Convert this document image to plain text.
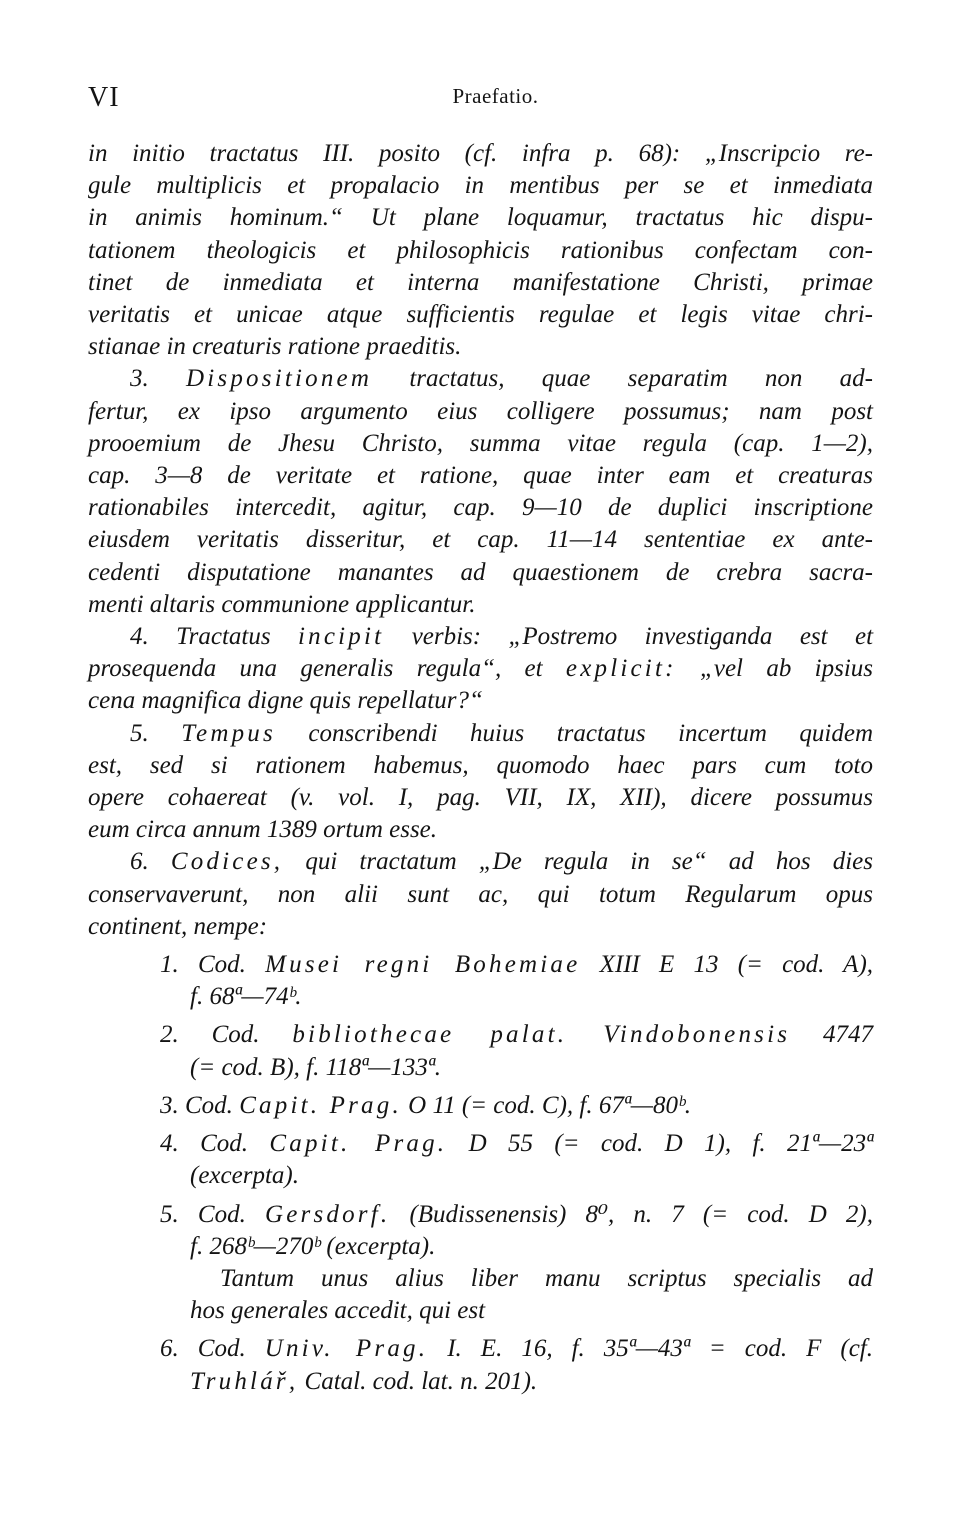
VI	Praefatio.
in initio tractatus III. posito (cf. infra p. 68): „Inscripcio re-
gule multiplicis et propalacio in mentibus per se et inmediata
in animis hominum.“ Ut plane loquamur, tractatus hic dispu-
tationem theologicis et philosophicis rationibus confectam con-
tinet de inmediata et interna manifestatione Christi, primae
veritatis et unicae atque sufficientis regulae et legis vitae chri-
stianae in creaturis ratione praeditis.
3. Dispositionem tractatus, quae separatim non ad-
fertur, ex ipso argumento eius colligere possumus; nam post
prooemium de Jhesu Christo, summa vitae regula (cap. 1—2),
cap. 3—8 de veritate et ratione, quae inter eam et creaturas
rationabiles intercedit, agitur, cap. 9—10 de duplici inscriptione
eiusdem veritatis disseritur, et cap. 11—14 sententiae ex ante-
cedenti disputatione manantes ad quaestionem de crebra sacra-
menti altaris communione applicantur.
4. Tractatus incipit verbis: „Postremo investiganda est et
prosequenda una generalis regula“, et explicit: „vel ab ipsius
cena magnifica digne quis repellatur?“
5. Tempus conscribendi huius tractatus incertum quidem
est, sed si rationem habemus, quomodo haec pars cum toto
opere cohaereat (v. vol. I, pag. VII, IX, XII), dicere possumus
eum circa annum 1389 ortum esse.
6. Codices, qui tractatum „De regula in se“ ad hos dies
conservaverunt, non alii sunt ac, qui totum Regularum opus
continent, nempe:
1. Cod. Musei regni Bohemiae XIII E 13 (= cod. A),
f. 68ª—74ᵇ.
2. Cod. bibliothecae palat. Vindobonensis 4747
(= cod. B), f. 118ª—133ª.
3. Cod. Capit. Prag. O 11 (= cod. C), f. 67ª—80ᵇ.
4. Cod. Capit. Prag. D 55 (= cod. D 1), f. 21ª—23ª
(excerpta).
5. Cod. Gersdorf. (Budissenensis) 8⁰, n. 7 (= cod. D 2),
f. 268ᵇ—270ᵇ (excerpta).
Tantum unus alius liber manu scriptus specialis ad
hos generales accedit, qui est
6. Cod. Univ. Prag. I. E. 16, f. 35ª—43ª = cod. F (cf.
Truhlář, Catal. cod. lat. n. 201).
